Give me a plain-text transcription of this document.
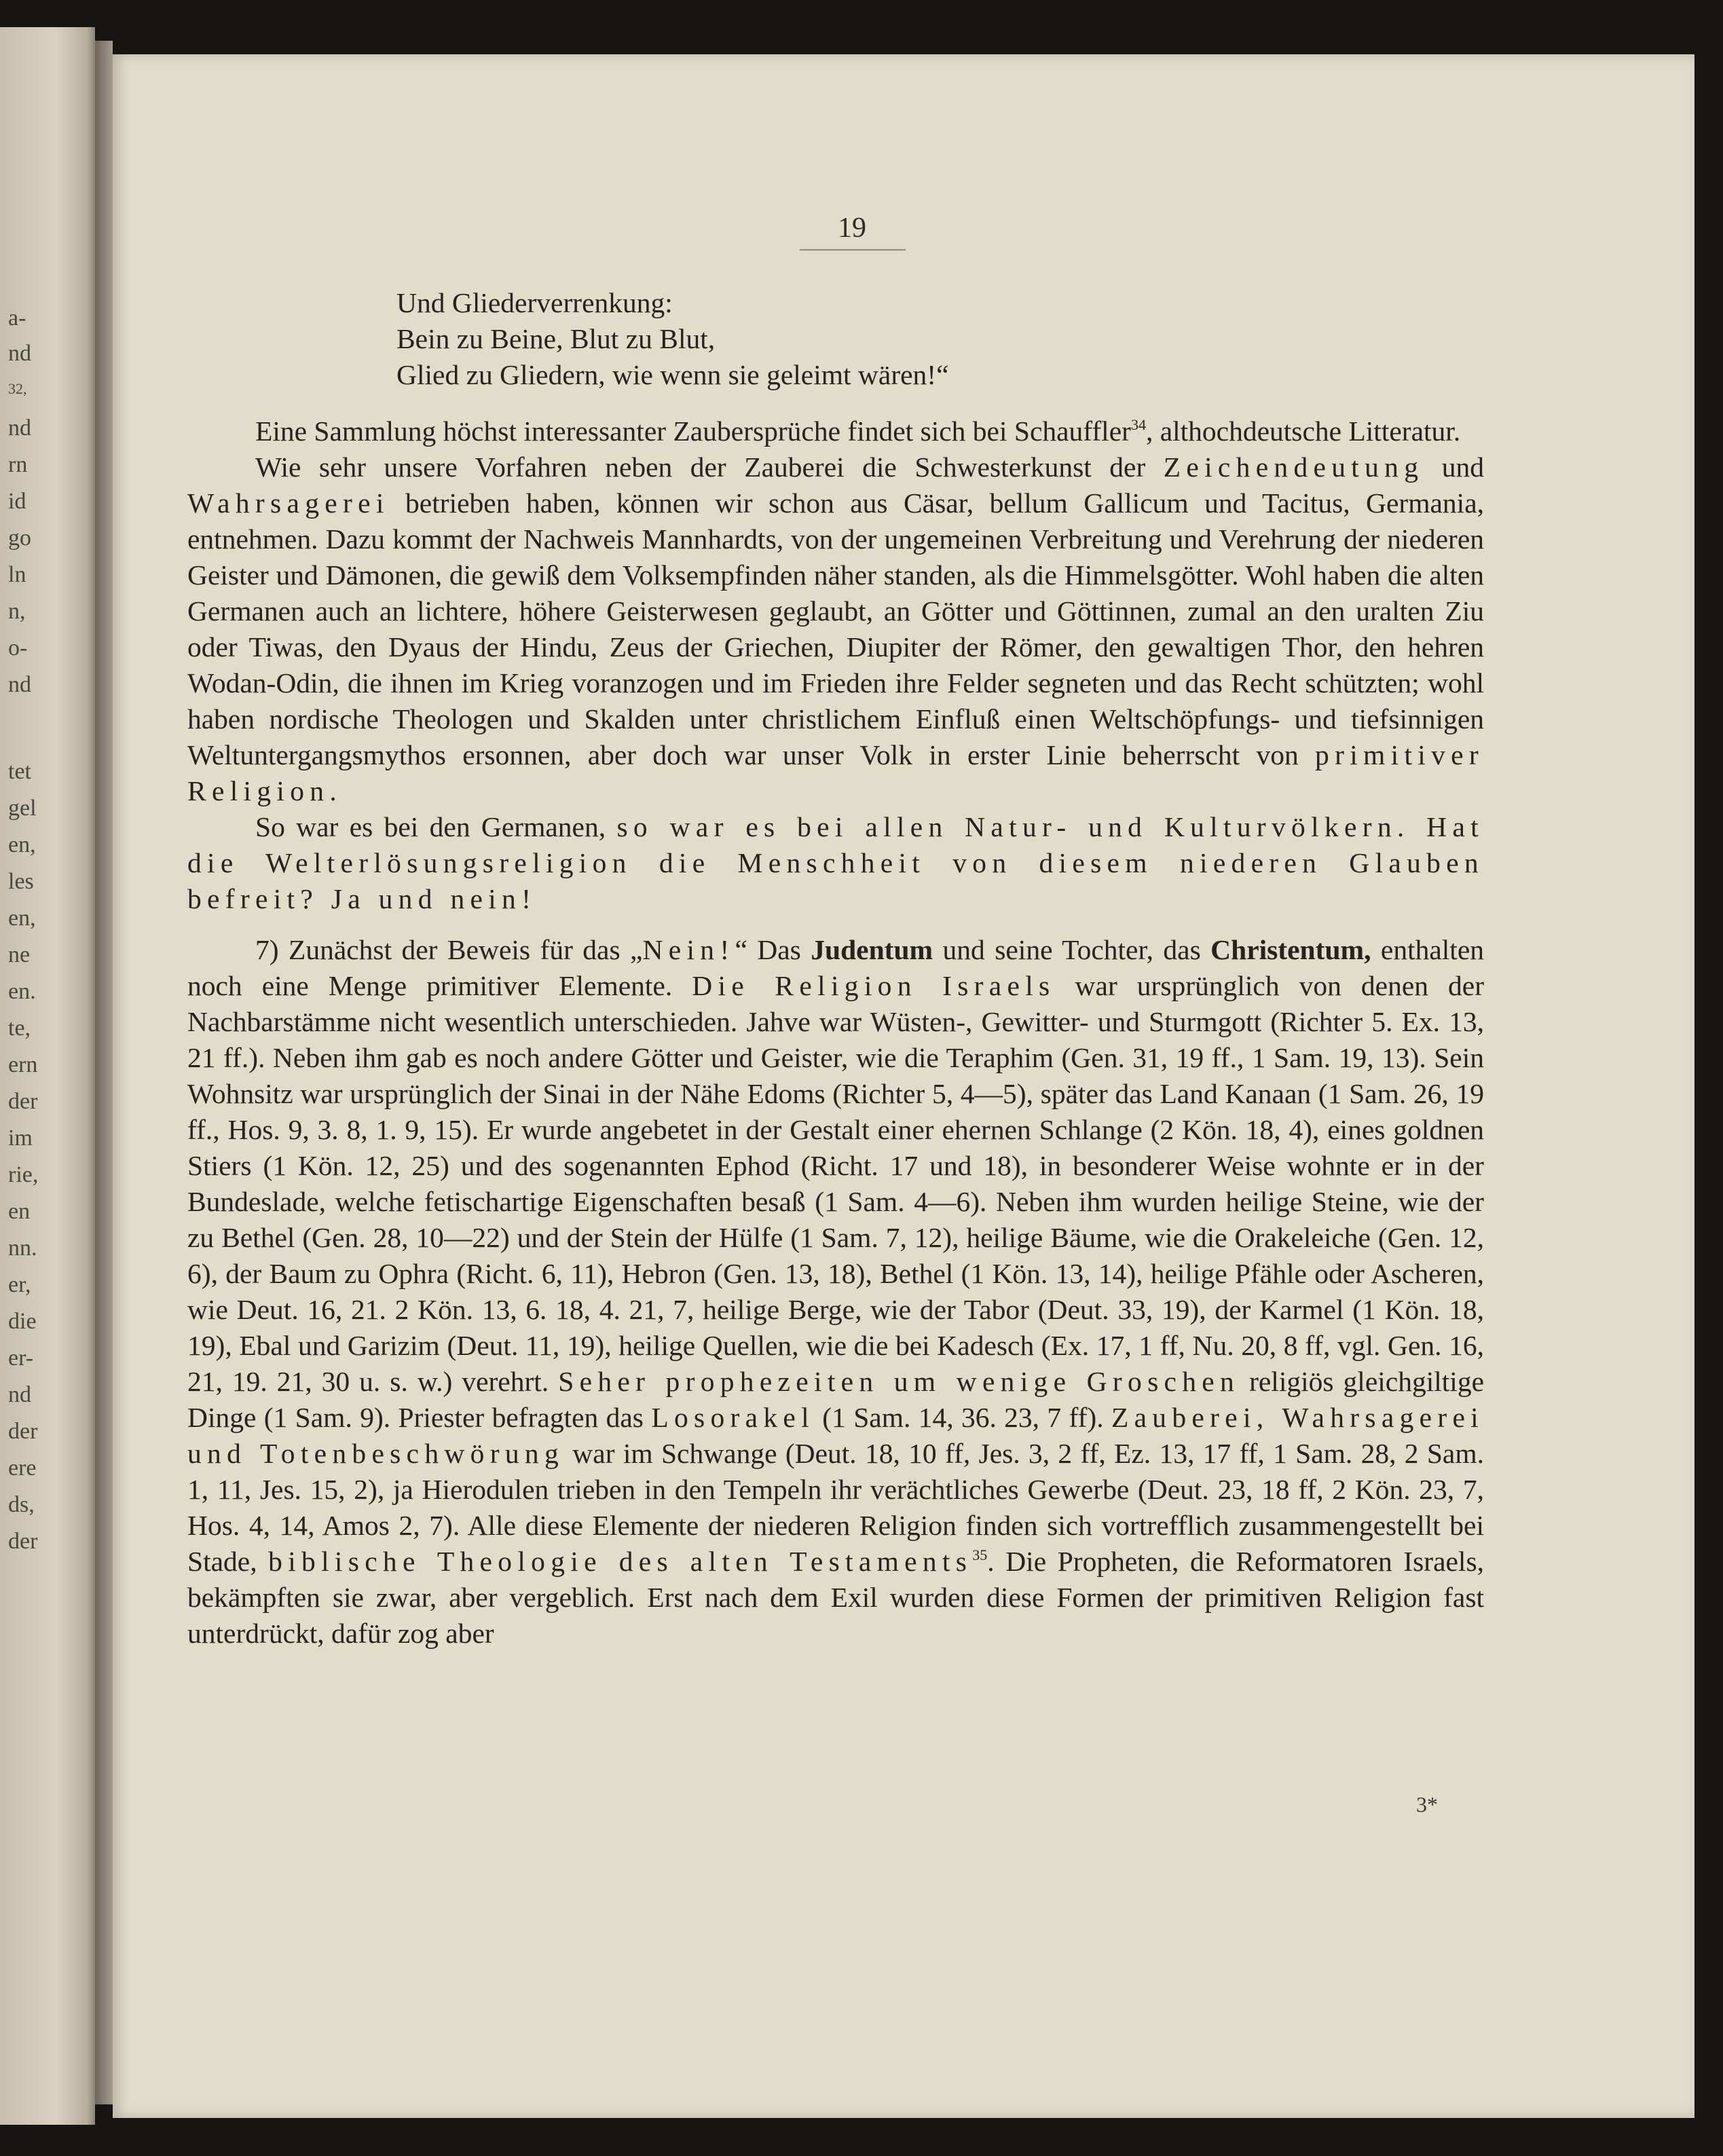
a-
nd
32,
nd
rn
id
go
ln
n,
o-
nd
tet
gel
en,
les
en,
ne
en.
te,
ern
der
im
rie,
en
nn.
er,
die
er-
nd
der
ere
ds,
der
19
Und Gliederverrenkung:
Bein zu Beine, Blut zu Blut,
Glied zu Gliedern, wie wenn sie geleimt wären!“

Eine Sammlung höchst interessanter Zaubersprüche findet sich bei Schauffler$^{34}$, althochdeutsche Litteratur.

Wie sehr unsere Vorfahren neben der Zauberei die Schwesterkunst der Zeichendeutung und Wahrsagerei betrieben haben, können wir schon aus Cäsar, bellum Gallicum und Tacitus, Germania, entnehmen. Dazu kommt der Nachweis Mannhardts, von der ungemeinen Verbreitung und Verehrung der niederen Geister und Dämonen, die gewiß dem Volksempfinden näher standen, als die Himmelsgötter. Wohl haben die alten Germanen auch an lichtere, höhere Geisterwesen geglaubt, an Götter und Göttinnen, zumal an den uralten Ziu oder Tiwas, den Dyaus der Hindu, Zeus der Griechen, Diupiter der Römer, den gewaltigen Thor, den hehren Wodan-Odin, die ihnen im Krieg voranzogen und im Frieden ihre Felder segneten und das Recht schützten; wohl haben nordische Theologen und Skalden unter christlichem Einfluß einen Weltschöpfungs- und tiefsinnigen Weltuntergangsmythos ersonnen, aber doch war unser Volk in erster Linie beherrscht von primitiver Religion.

So war es bei den Germanen, so war es bei allen Natur- und Kulturvölkern. Hat die Welterlösungsreligion die Menschheit von diesem niederen Glauben befreit? Ja und nein!

7) Zunächst der Beweis für das „Nein!“ Das Judentum und seine Tochter, das Christentum, enthalten noch eine Menge primitiver Elemente. Die Religion Israels war ursprünglich von denen der Nachbarstämme nicht wesentlich unterschieden. Jahve war Wüsten-, Gewitter- und Sturmgott (Richter 5. Ex. 13, 21 ff.). Neben ihm gab es noch andere Götter und Geister, wie die Teraphim (Gen. 31, 19 ff., 1 Sam. 19, 13). Sein Wohnsitz war ursprünglich der Sinai in der Nähe Edoms (Richter 5, 4—5), später das Land Kanaan (1 Sam. 26, 19 ff., Hos. 9, 3. 8, 1. 9, 15). Er wurde angebetet in der Gestalt einer ehernen Schlange (2 Kön. 18, 4), eines goldnen Stiers (1 Kön. 12, 25) und des sogenannten Ephod (Richt. 17 und 18), in besonderer Weise wohnte er in der Bundeslade, welche fetischartige Eigenschaften besaß (1 Sam. 4—6). Neben ihm wurden heilige Steine, wie der zu Bethel (Gen. 28, 10—22) und der Stein der Hülfe (1 Sam. 7, 12), heilige Bäume, wie die Orakeleiche (Gen. 12, 6), der Baum zu Ophra (Richt. 6, 11), Hebron (Gen. 13, 18), Bethel (1 Kön. 13, 14), heilige Pfähle oder Ascheren, wie Deut. 16, 21. 2 Kön. 13, 6. 18, 4. 21, 7, heilige Berge, wie der Tabor (Deut. 33, 19), der Karmel (1 Kön. 18, 19), Ebal und Garizim (Deut. 11, 19), heilige Quellen, wie die bei Kadesch (Ex. 17, 1 ff, Nu. 20, 8 ff, vgl. Gen. 16, 21, 19. 21, 30 u. s. w.) verehrt. Seher prophezeiten um wenige Groschen religiös gleichgiltige Dinge (1 Sam. 9). Priester befragten das Losorakel (1 Sam. 14, 36. 23, 7 ff). Zauberei, Wahrsagerei und Totenbeschwörung war im Schwange (Deut. 18, 10 ff, Jes. 3, 2 ff, Ez. 13, 17 ff, 1 Sam. 28, 2 Sam. 1, 11, Jes. 15, 2), ja Hierodulen trieben in den Tempeln ihr verächtliches Gewerbe (Deut. 23, 18 ff, 2 Kön. 23, 7, Hos. 4, 14, Amos 2, 7). Alle diese Elemente der niederen Religion finden sich vortrefflich zusammengestellt bei Stade, biblische Theologie des alten Testaments$^{35}$. Die Propheten, die Reformatoren Israels, bekämpften sie zwar, aber vergeblich. Erst nach dem Exil wurden diese Formen der primitiven Religion fast unterdrückt, dafür zog aber

3*
